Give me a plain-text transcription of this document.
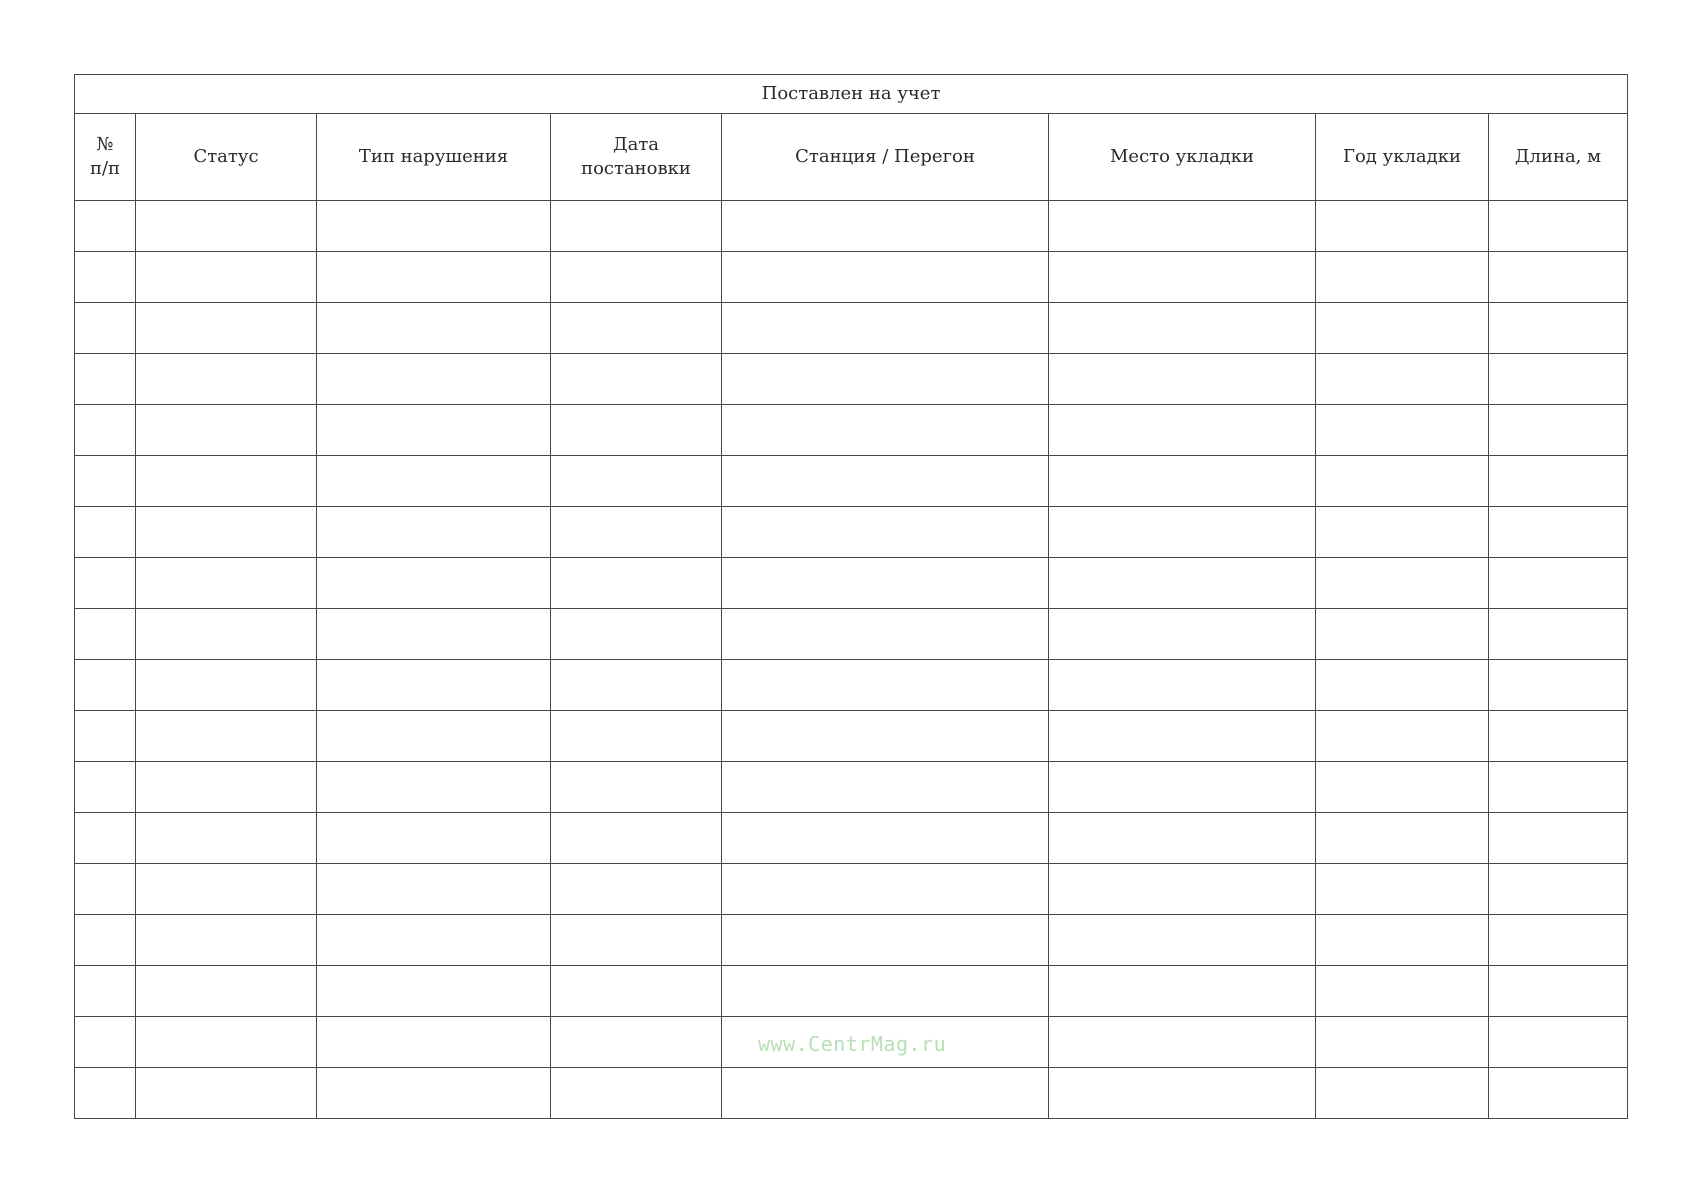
Поставлен на учет							
№ п/п	Статус	Тип нарушения	Дата постановки	Станция / Перегон	Место укладки	Год укладки	Длина, м

www.CentrMag.ru
